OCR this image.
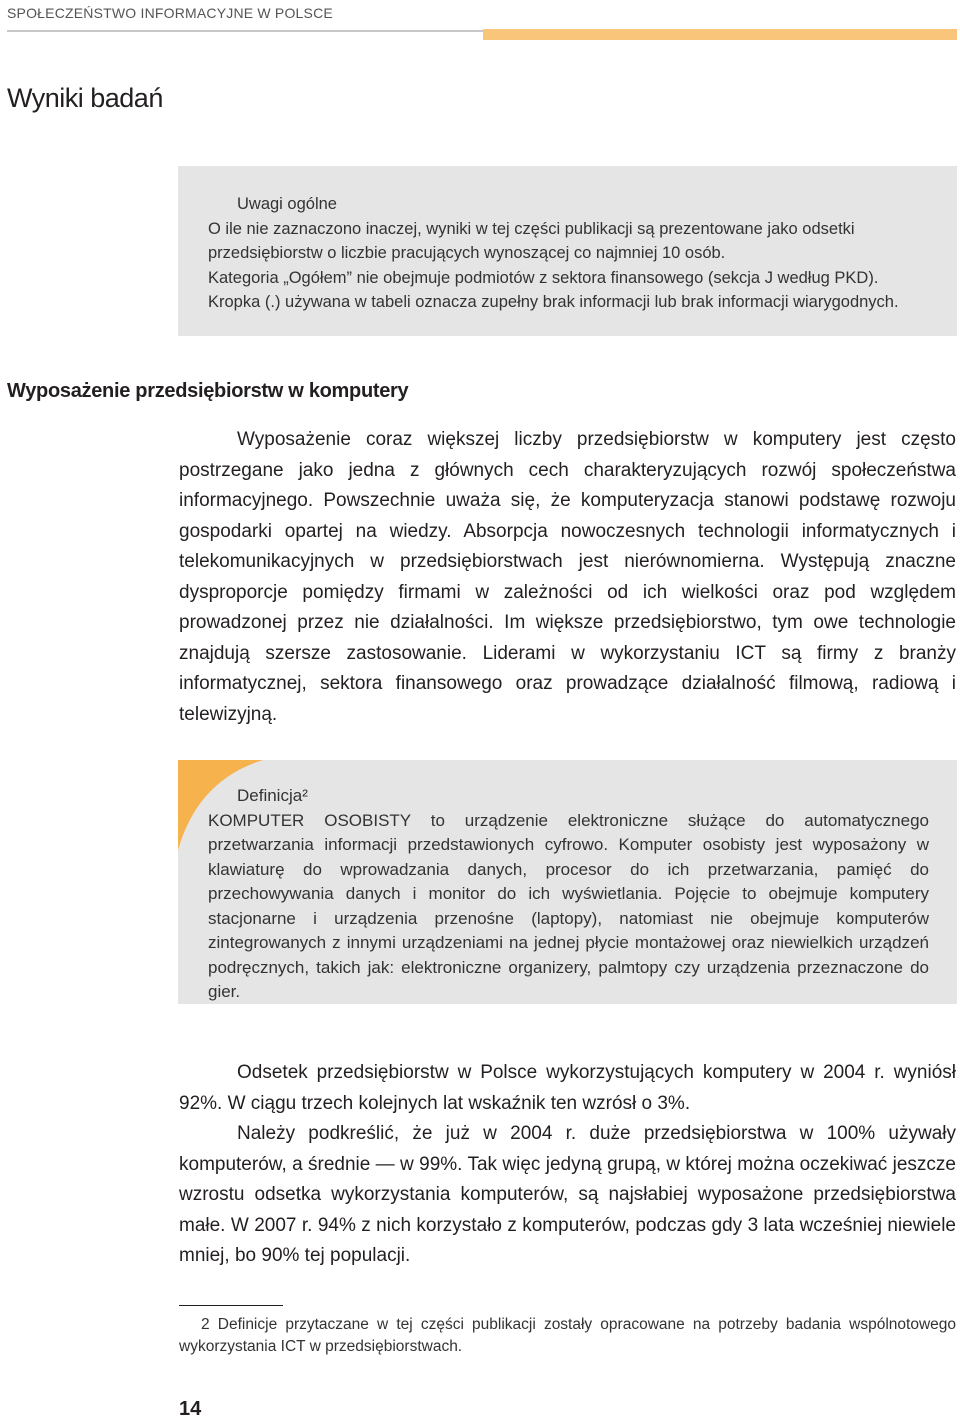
SPOŁECZEŃSTWO INFORMACYJNE W POLSCE
Wyniki badań

Uwagi ogólne

O ile nie zaznaczono inaczej, wyniki w tej części publikacji są prezentowane jako odsetki przedsiębiorstw o liczbie pracujących wynoszącej co najmniej 10 osób.

Kategoria „Ogółem” nie obejmuje podmiotów z sektora finansowego (sekcja J według PKD).

Kropka (.) używana w tabeli oznacza zupełny brak informacji lub brak informacji wiarygodnych.

Wyposażenie przedsiębiorstw w komputery

Wyposażenie coraz większej liczby przedsiębiorstw w komputery jest często postrzegane jako jedna z głównych cech charakteryzujących rozwój społeczeństwa informacyjnego. Powszechnie uważa się, że komputeryzacja stanowi podstawę rozwoju gospodarki opartej na wiedzy. Absorpcja nowoczesnych technologii informatycznych i telekomunikacyjnych w przedsiębiorstwach jest nierównomierna. Występują znaczne dysproporcje pomiędzy firmami w zależności od ich wielkości oraz pod względem prowadzonej przez nie działalności. Im większe przedsiębiorstwo, tym owe technologie znajdują szersze zastosowanie. Liderami w wykorzystaniu ICT są firmy z branży informatycznej, sektora finansowego oraz prowadzące działalność filmową, radiową i telewizyjną.

Definicja²

KOMPUTER OSOBISTY to urządzenie elektroniczne służące do automatycznego przetwarzania informacji przedstawionych cyfrowo. Komputer osobisty jest wyposażony w klawiaturę do wprowadzania danych, procesor do ich przetwarzania, pamięć do przechowywania danych i monitor do ich wyświetlania. Pojęcie to obejmuje komputery stacjonarne i urządzenia przenośne (laptopy), natomiast nie obejmuje komputerów zintegrowanych z innymi urządzeniami na jednej płycie montażowej oraz niewielkich urządzeń podręcznych, takich jak: elektroniczne organizery, palmtopy czy urządzenia przeznaczone do gier.

Odsetek przedsiębiorstw w Polsce wykorzystujących komputery w 2004 r. wyniósł 92%. W ciągu trzech kolejnych lat wskaźnik ten wzrósł o 3%.

Należy podkreślić, że już w 2004 r. duże przedsiębiorstwa w 100% używały komputerów, a średnie — w 99%. Tak więc jedyną grupą, w której można oczekiwać jeszcze wzrostu odsetka wykorzystania komputerów, są najsłabiej wyposażone przedsiębiorstwa małe. W 2007 r. 94% z nich korzystało z komputerów, podczas gdy 3 lata wcześniej niewiele mniej, bo 90% tej populacji.

2 Definicje przytaczane w tej części publikacji zostały opracowane na potrzeby badania wspólnotowego wykorzystania ICT w przedsiębiorstwach.

14
